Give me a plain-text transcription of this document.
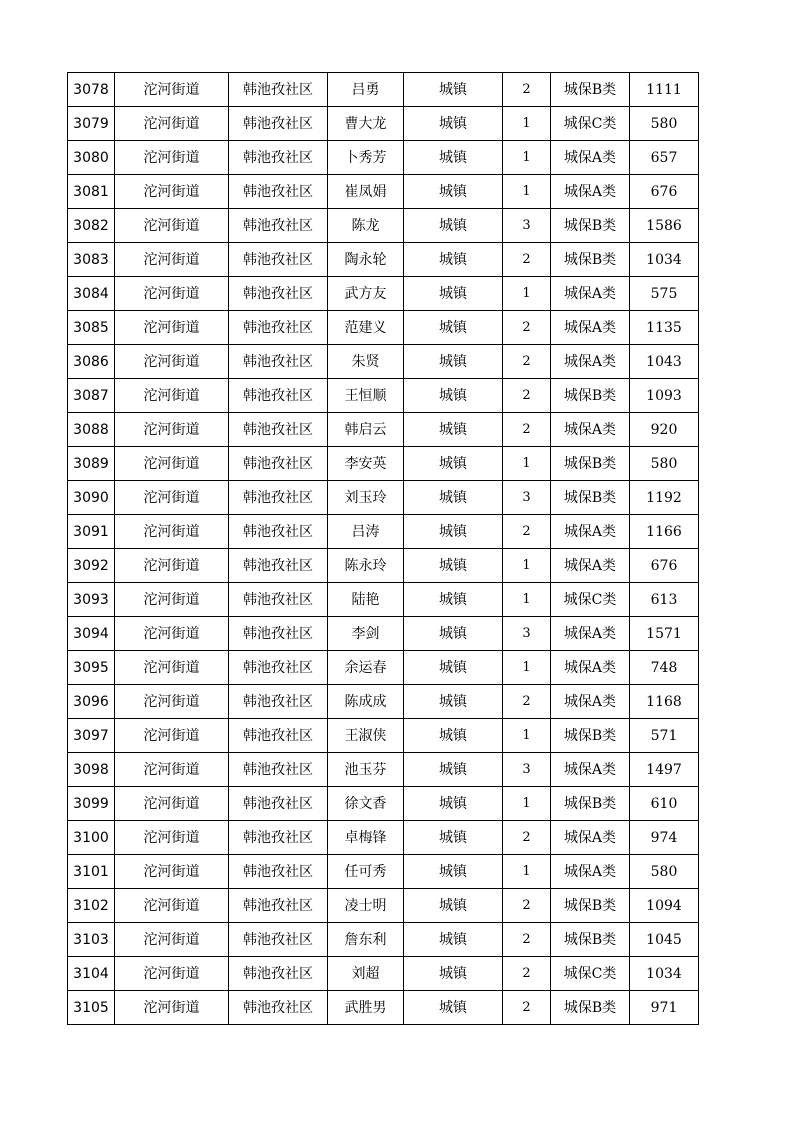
3078	沱河街道	韩池孜社区	吕勇	城镇	2	城保B类	1111
3079	沱河街道	韩池孜社区	曹大龙	城镇	1	城保C类	580
3080	沱河街道	韩池孜社区	卜秀芳	城镇	1	城保A类	657
3081	沱河街道	韩池孜社区	崔凤娟	城镇	1	城保A类	676
3082	沱河街道	韩池孜社区	陈龙	城镇	3	城保B类	1586
3083	沱河街道	韩池孜社区	陶永轮	城镇	2	城保B类	1034
3084	沱河街道	韩池孜社区	武方友	城镇	1	城保A类	575
3085	沱河街道	韩池孜社区	范建义	城镇	2	城保A类	1135
3086	沱河街道	韩池孜社区	朱贤	城镇	2	城保A类	1043
3087	沱河街道	韩池孜社区	王恒顺	城镇	2	城保B类	1093
3088	沱河街道	韩池孜社区	韩启云	城镇	2	城保A类	920
3089	沱河街道	韩池孜社区	李安英	城镇	1	城保B类	580
3090	沱河街道	韩池孜社区	刘玉玲	城镇	3	城保B类	1192
3091	沱河街道	韩池孜社区	吕涛	城镇	2	城保A类	1166
3092	沱河街道	韩池孜社区	陈永玲	城镇	1	城保A类	676
3093	沱河街道	韩池孜社区	陆艳	城镇	1	城保C类	613
3094	沱河街道	韩池孜社区	李剑	城镇	3	城保A类	1571
3095	沱河街道	韩池孜社区	余运春	城镇	1	城保A类	748
3096	沱河街道	韩池孜社区	陈成成	城镇	2	城保A类	1168
3097	沱河街道	韩池孜社区	王淑侠	城镇	1	城保B类	571
3098	沱河街道	韩池孜社区	池玉芬	城镇	3	城保A类	1497
3099	沱河街道	韩池孜社区	徐文香	城镇	1	城保B类	610
3100	沱河街道	韩池孜社区	卓梅锋	城镇	2	城保A类	974
3101	沱河街道	韩池孜社区	任可秀	城镇	1	城保A类	580
3102	沱河街道	韩池孜社区	凌士明	城镇	2	城保B类	1094
3103	沱河街道	韩池孜社区	詹东利	城镇	2	城保B类	1045
3104	沱河街道	韩池孜社区	刘超	城镇	2	城保C类	1034
3105	沱河街道	韩池孜社区	武胜男	城镇	2	城保B类	971
